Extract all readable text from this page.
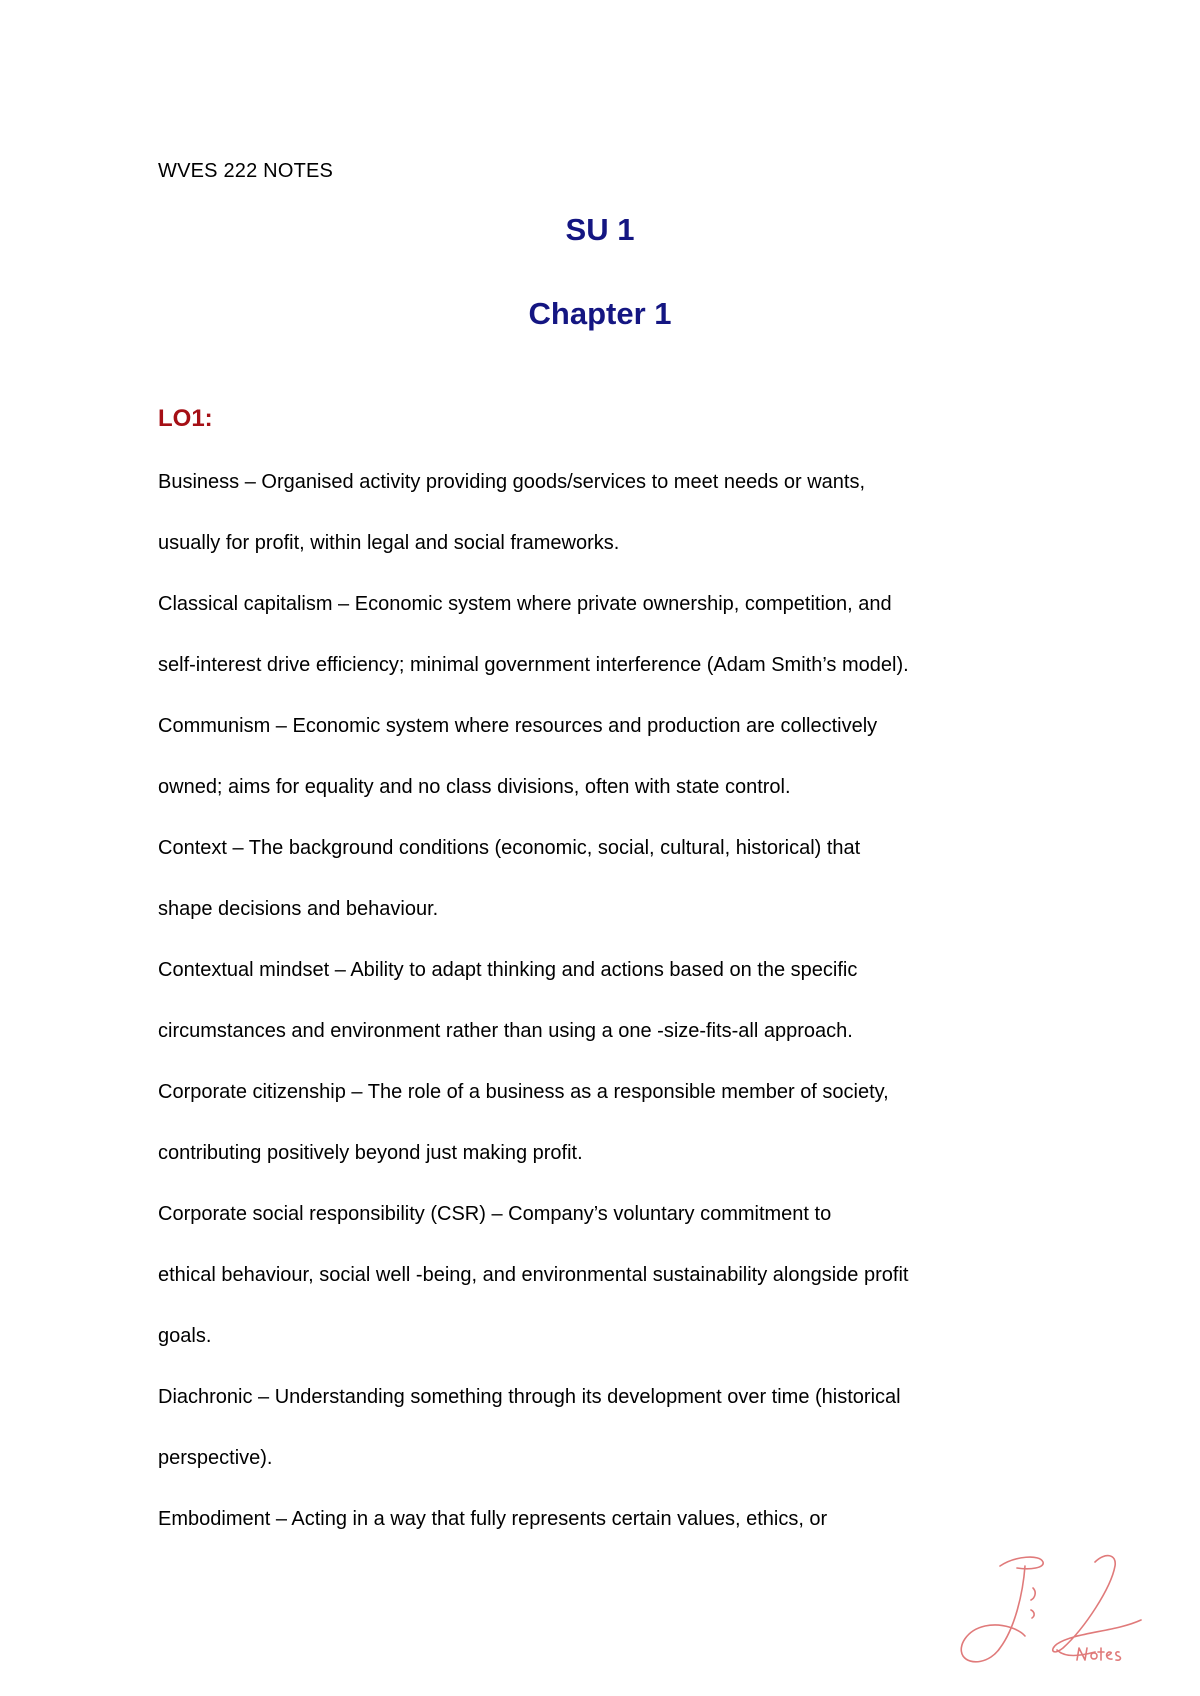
WVES 222 NOTES
SU 1
Chapter 1
LO1:
Business – Organised activity providing goods/services to meet needs or wants,
usually for profit, within legal and social frameworks.
Classical capitalism – Economic system where private ownership, competition, and
self-interest drive efficiency; minimal government interference (Adam Smith’s model).
Communism – Economic system where resources and production are collectively
owned; aims for equality and no class divisions, often with state control.
Context – The background conditions (economic, social, cultural, historical) that
shape decisions and behaviour.
Contextual mindset – Ability to adapt thinking and actions based on the specific
circumstances and environment rather than using a one -size-fits-all approach.
Corporate citizenship – The role of a business as a responsible member of society,
contributing positively beyond just making profit.
Corporate social responsibility (CSR) – Company’s voluntary commitment to
ethical behaviour, social well -being, and environmental sustainability alongside profit
goals.
Diachronic – Understanding something through its development over time (historical
perspective).
Embodiment – Acting in a way that fully represents certain values, ethics, or
